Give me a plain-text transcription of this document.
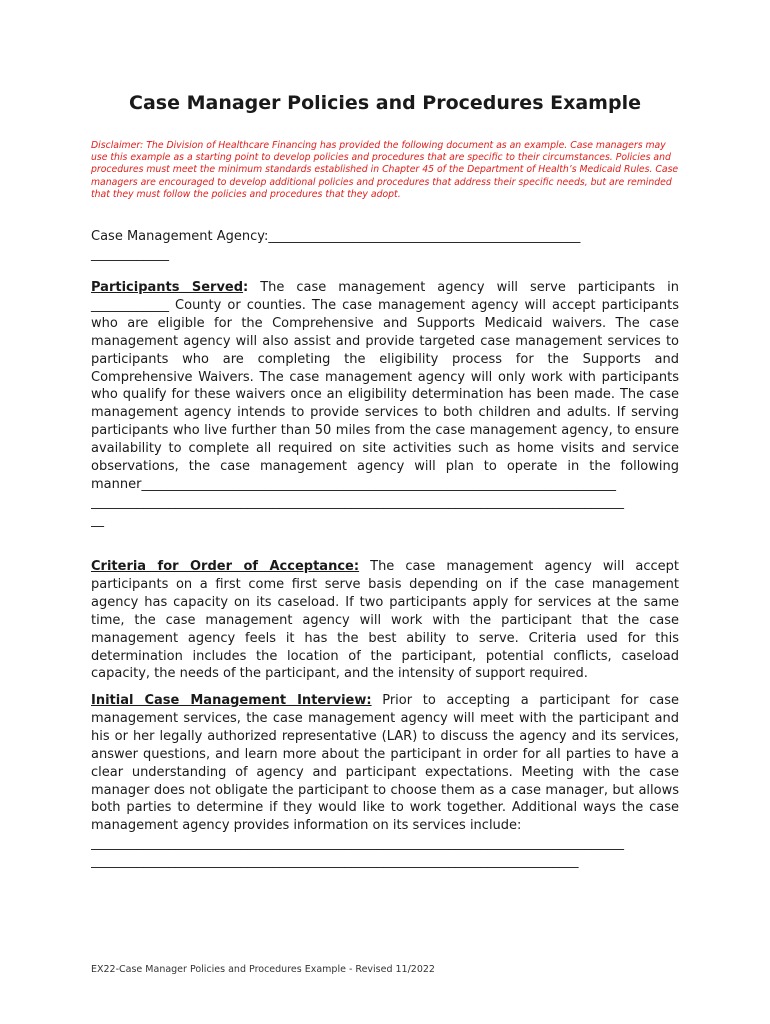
Case Manager Policies and Procedures Example
Disclaimer: The Division of Healthcare Financing has provided the following document as an example. Case managers may use this example as a starting point to develop policies and procedures that are specific to their circumstances. Policies and procedures must meet the minimum standards established in Chapter 45 of the Department of Health’s Medicaid Rules. Case managers are encouraged to develop additional policies and procedures that address their specific needs, but are reminded that they must follow the policies and procedures that they adopt.
Case Management Agency:________________________________________________
____________
Participants Served: The case management agency will serve participants in ____________ County or counties. The case management agency will accept participants who are eligible for the Comprehensive and Supports Medicaid waivers. The case management agency will also assist and provide targeted case management services to participants who are completing the eligibility process for the Supports and Comprehensive Waivers. The case management agency will only work with participants who qualify for these waivers once an eligibility determination has been made. The case management agency intends to provide services to both children and adults. If serving participants who live further than 50 miles from the case management agency, to ensure availability to complete all required on site activities such as home visits and service observations, the case management agency will plan to operate in the following manner_________________________________________________________________________
__________________________________________________________________________________
__
Criteria for Order of Acceptance: The case management agency will accept participants on a first come first serve basis depending on if the case management agency has capacity on its caseload. If two participants apply for services at the same time, the case management agency will work with the participant that the case management agency feels it has the best ability to serve. Criteria used for this determination includes the location of the participant, potential conflicts, caseload capacity, the needs of the participant, and the intensity of support required.
Initial Case Management Interview: Prior to accepting a participant for case management services, the case management agency will meet with the participant and his or her legally authorized representative (LAR) to discuss the agency and its services, answer questions, and learn more about the participant in order for all parties to have a clear understanding of agency and participant expectations. Meeting with the case manager does not obligate the participant to choose them as a case manager, but allows both parties to determine if they would like to work together. Additional ways the case management agency provides information on its services include:
__________________________________________________________________________________
___________________________________________________________________________
EX22-Case Manager Policies and Procedures Example - Revised 11/2022
